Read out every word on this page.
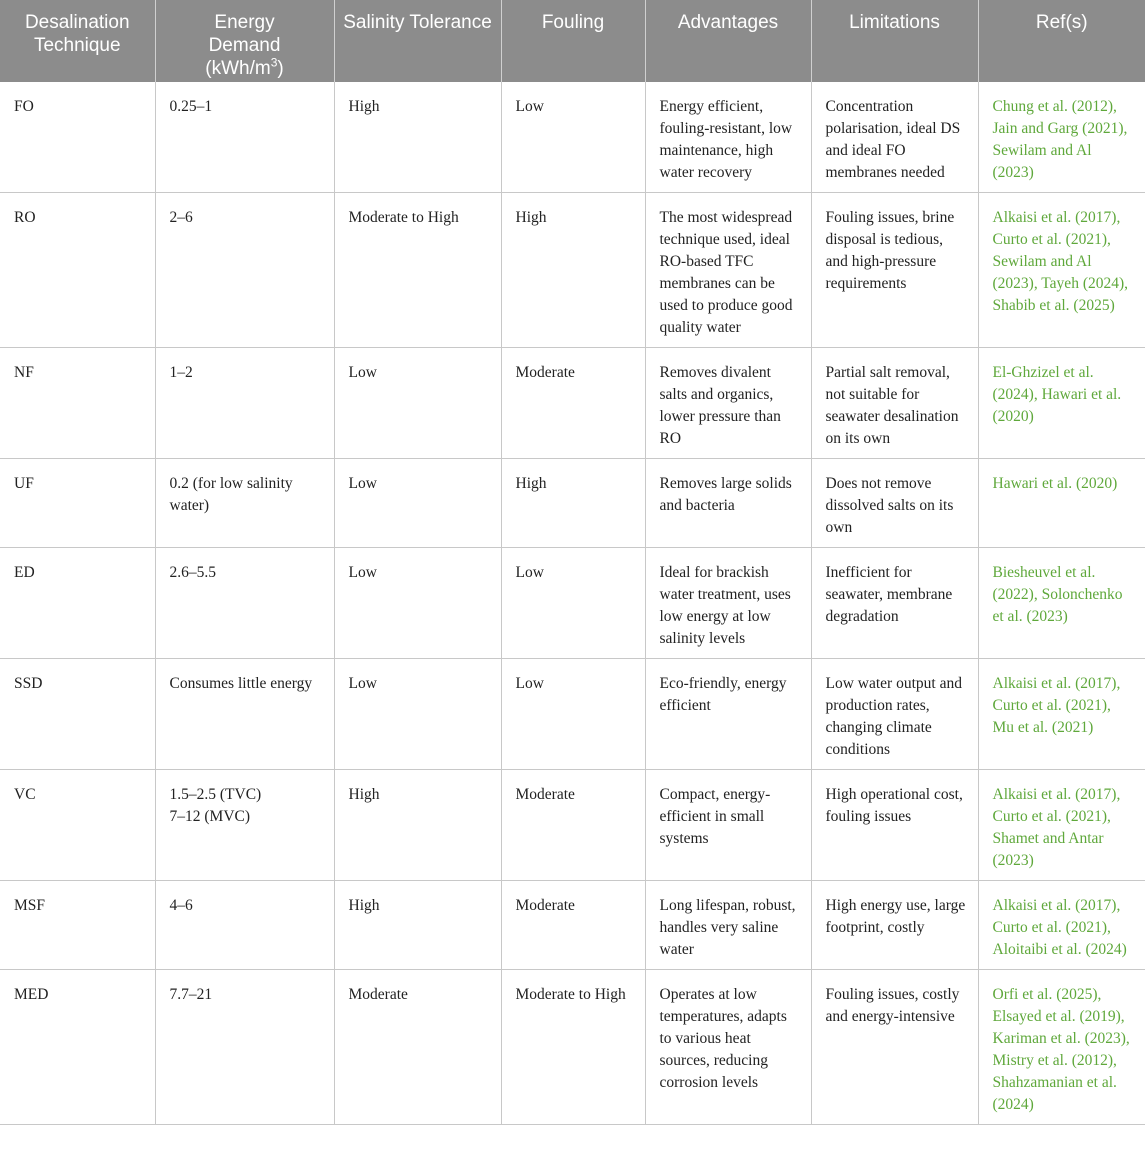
Desalination Technique	Energy
Demand
$(kWh/m^3)$	Salinity Tolerance	Fouling	Advantages	Limitations	Ref(s)
FO	0.25–1	High	Low	Energy efficient, fouling-resistant, low maintenance, high water recovery	Concentration polarisation, ideal DS and ideal FO membranes needed	Chung et al. (2012), Jain and Garg (2021), Sewilam and Al (2023)
RO	2–6	Moderate to High	High	The most widespread technique used, ideal RO-based TFC membranes can be used to produce good quality water	Fouling issues, brine disposal is tedious, and high-pressure requirements	Alkaisi et al. (2017), Curto et al. (2021), Sewilam and Al (2023), Tayeh (2024), Shabib et al. (2025)
NF	1–2	Low	Moderate	Removes divalent salts and organics, lower pressure than RO	Partial salt removal, not suitable for seawater desalination on its own	El-Ghzizel et al. (2024), Hawari et al. (2020)
UF	0.2 (for low salinity water)	Low	High	Removes large solids and bacteria	Does not remove dissolved salts on its own	Hawari et al. (2020)
ED	2.6–5.5	Low	Low	Ideal for brackish water treatment, uses low energy at low salinity levels	Inefficient for seawater, membrane degradation	Biesheuvel et al. (2022), Solonchenko et al. (2023)
SSD	Consumes little energy	Low	Low	Eco-friendly, energy efficient	Low water output and production rates, changing climate conditions	Alkaisi et al. (2017), Curto et al. (2021), Mu et al. (2021)
VC	1.5–2.5 (TVC)
7–12 (MVC)	High	Moderate	Compact, energy-efficient in small systems	High operational cost, fouling issues	Alkaisi et al. (2017), Curto et al. (2021), Shamet and Antar (2023)
MSF	4–6	High	Moderate	Long lifespan, robust, handles very saline water	High energy use, large footprint, costly	Alkaisi et al. (2017), Curto et al. (2021), Aloitaibi et al. (2024)
MED	7.7–21	Moderate	Moderate to High	Operates at low temperatures, adapts to various heat sources, reducing corrosion levels	Fouling issues, costly and energy-intensive	Orfi et al. (2025), Elsayed et al. (2019), Kariman et al. (2023), Mistry et al. (2012), Shahzamanian et al. (2024)
